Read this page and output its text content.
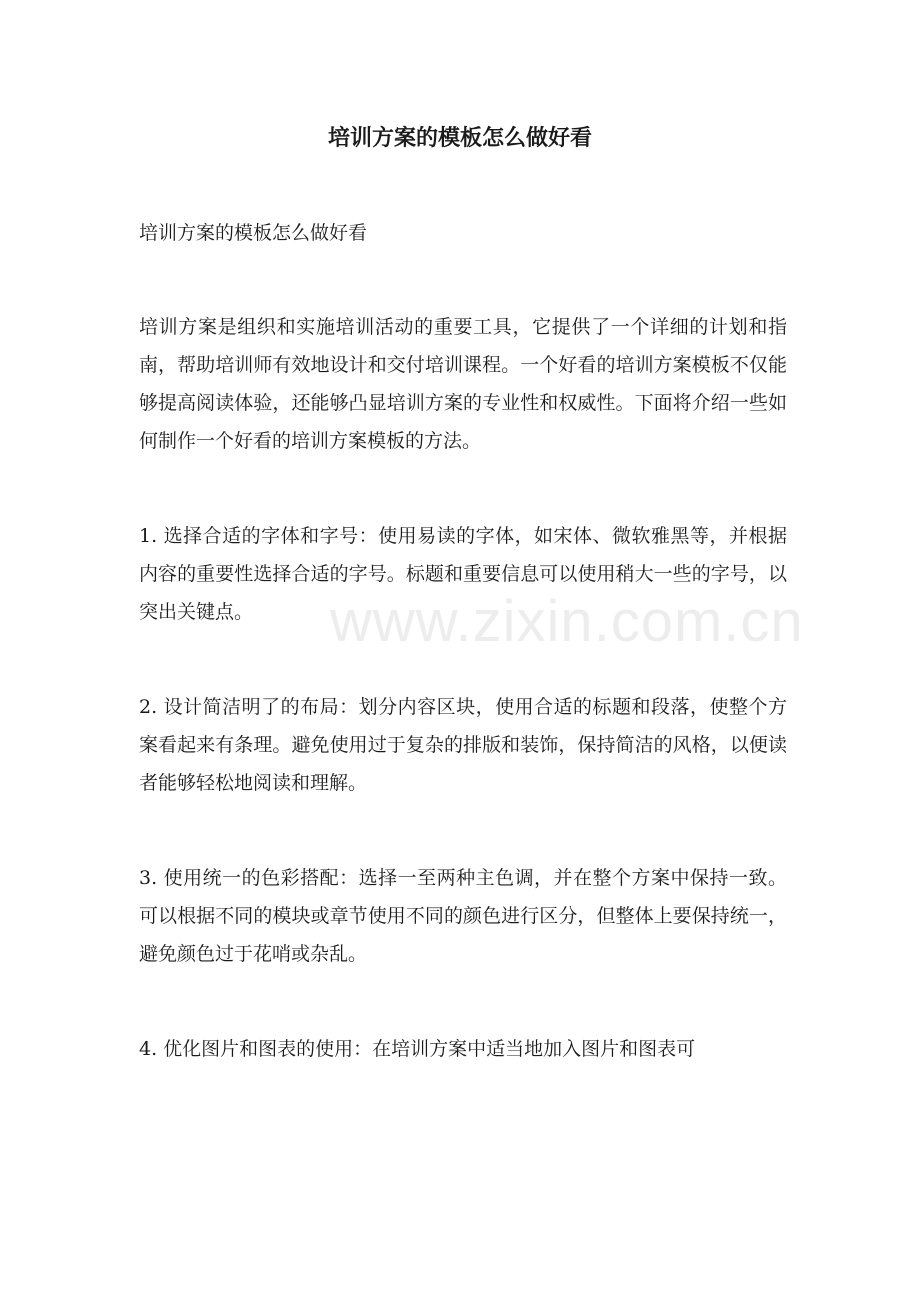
培训方案的模板怎么做好看

培训方案的模板怎么做好看

培训方案是组织和实施培训活动的重要工具，它提供了一个详细的计划和指南，帮助培训师有效地设计和交付培训课程。一个好看的培训方案模板不仅能够提高阅读体验，还能够凸显培训方案的专业性和权威性。下面将介绍一些如何制作一个好看的培训方案模板的方法。

1. 选择合适的字体和字号：使用易读的字体，如宋体、微软雅黑等，并根据内容的重要性选择合适的字号。标题和重要信息可以使用稍大一些的字号，以突出关键点。

2. 设计简洁明了的布局：划分内容区块，使用合适的标题和段落，使整个方案看起来有条理。避免使用过于复杂的排版和装饰，保持简洁的风格，以便读者能够轻松地阅读和理解。

3. 使用统一的色彩搭配：选择一至两种主色调，并在整个方案中保持一致。可以根据不同的模块或章节使用不同的颜色进行区分，但整体上要保持统一，避免颜色过于花哨或杂乱。

4. 优化图片和图表的使用：在培训方案中适当地加入图片和图表可

www.zixin.com.cn
